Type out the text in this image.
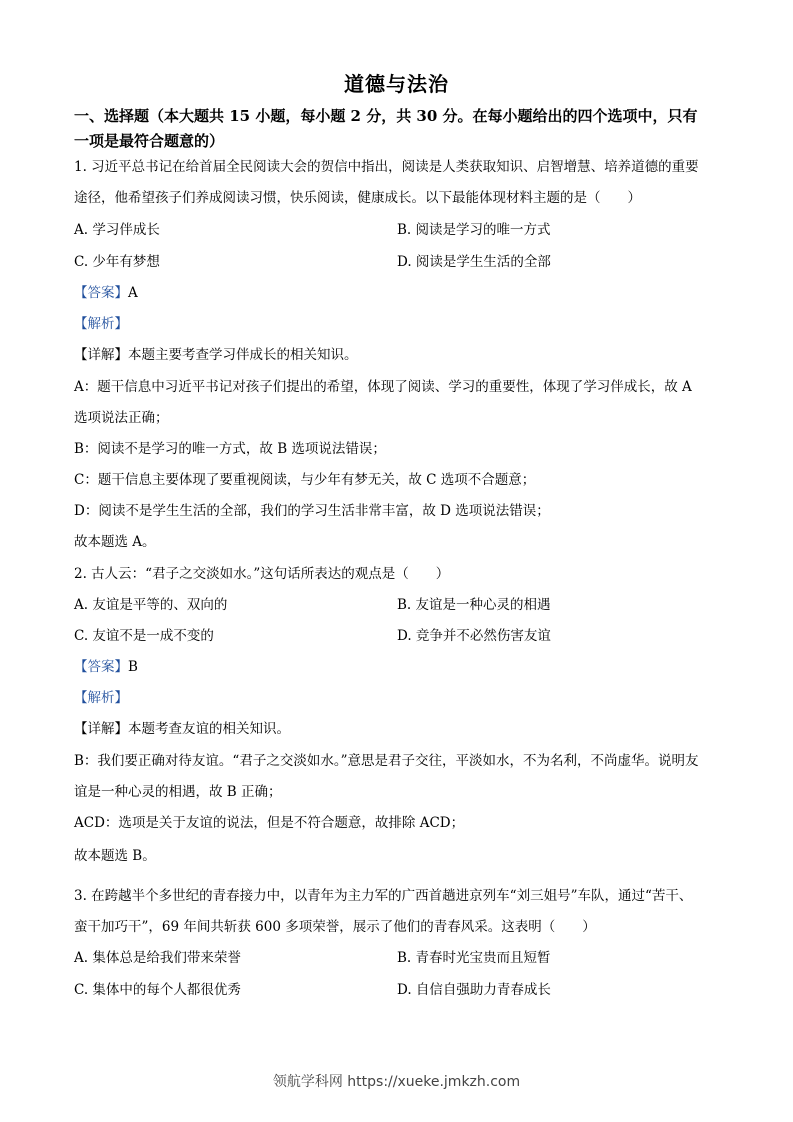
道德与法治
一、选择题（本大题共 15 小题，每小题 2 分，共 30 分。在每小题给出的四个选项中，只有
一项是最符合题意的）
1. 习近平总书记在给首届全民阅读大会的贺信中指出，阅读是人类获取知识、启智增慧、培养道德的重要
途径，他希望孩子们养成阅读习惯，快乐阅读，健康成长。以下最能体现材料主题的是（　　）
A. 学习伴成长	B. 阅读是学习的唯一方式
C. 少年有梦想	D. 阅读是学生生活的全部
【答案】A
【解析】
【详解】本题主要考查学习伴成长的相关知识。
A：题干信息中习近平书记对孩子们提出的希望，体现了阅读、学习的重要性，体现了学习伴成长，故 A
选项说法正确；
B：阅读不是学习的唯一方式，故 B 选项说法错误；
C：题干信息主要体现了要重视阅读，与少年有梦无关，故 C 选项不合题意；
D：阅读不是学生生活的全部，我们的学习生活非常丰富，故 D 选项说法错误；
故本题选 A。
2. 古人云：“君子之交淡如水。”这句话所表达的观点是（　　）
A. 友谊是平等的、双向的	B. 友谊是一种心灵的相遇
C. 友谊不是一成不变的	D. 竞争并不必然伤害友谊
【答案】B
【解析】
【详解】本题考查友谊的相关知识。
B：我们要正确对待友谊。“君子之交淡如水。”意思是君子交往，平淡如水，不为名利，不尚虚华。说明友
谊是一种心灵的相遇，故 B 正确；
ACD：选项是关于友谊的说法，但是不符合题意，故排除 ACD；
故本题选 B。
3. 在跨越半个多世纪的青春接力中，以青年为主力军的广西首趟进京列车“刘三姐号”车队，通过“苦干、
蛮干加巧干”，69 年间共斩获 600 多项荣誉，展示了他们的青春风采。这表明（　　）
A. 集体总是给我们带来荣誉	B. 青春时光宝贵而且短暂
C. 集体中的每个人都很优秀	D. 自信自强助力青春成长
领航学科网 https://xueke.jmkzh.com
